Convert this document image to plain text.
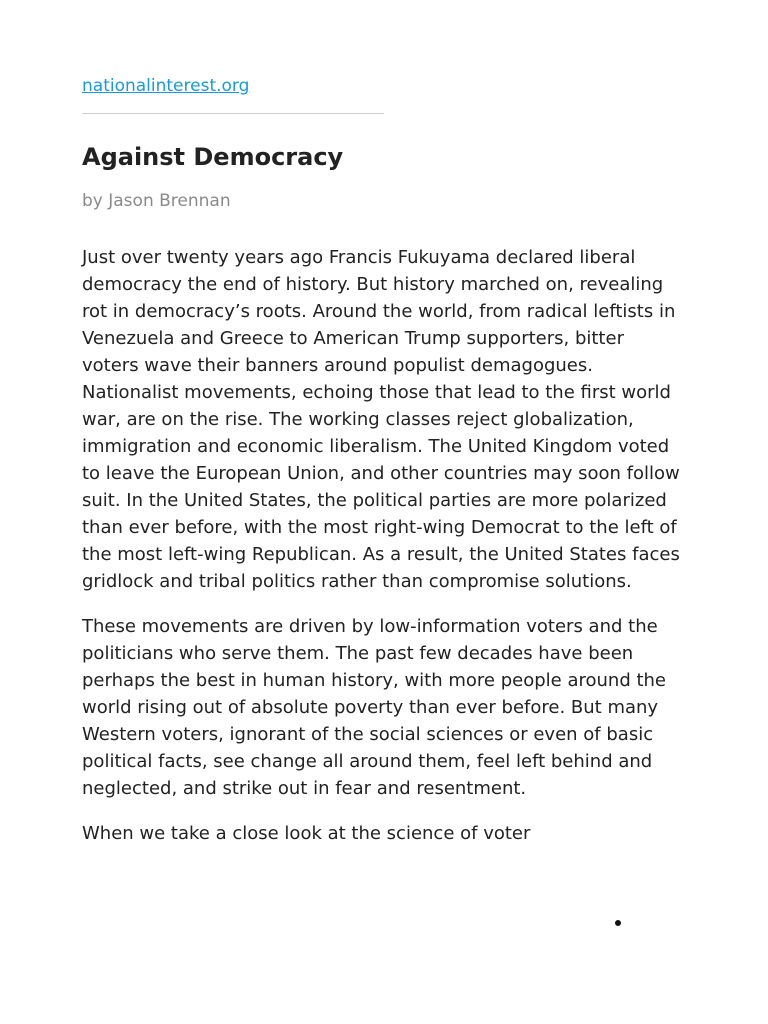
nationalinterest.org
Against Democracy
by Jason Brennan

Just over twenty years ago Francis Fukuyama declared liberal democracy the end of history. But history marched on, revealing rot in democracy’s roots. Around the world, from radical leftists in Venezuela and Greece to American Trump supporters, bitter voters wave their banners around populist demagogues. Nationalist movements, echoing those that lead to the first world war, are on the rise. The working classes reject globalization, immigration and economic liberalism. The United Kingdom voted to leave the European Union, and other countries may soon follow suit. In the United States, the political parties are more polarized than ever before, with the most right-wing Democrat to the left of the most left-wing Republican. As a result, the United States faces gridlock and tribal politics rather than compromise solutions.

These movements are driven by low-information voters and the politicians who serve them. The past few decades have been perhaps the best in human history, with more people around the world rising out of absolute poverty than ever before. But many Western voters, ignorant of the social sciences or even of basic political facts, see change all around them, feel left behind and neglected, and strike out in fear and resentment.

When we take a close look at the science of voter
